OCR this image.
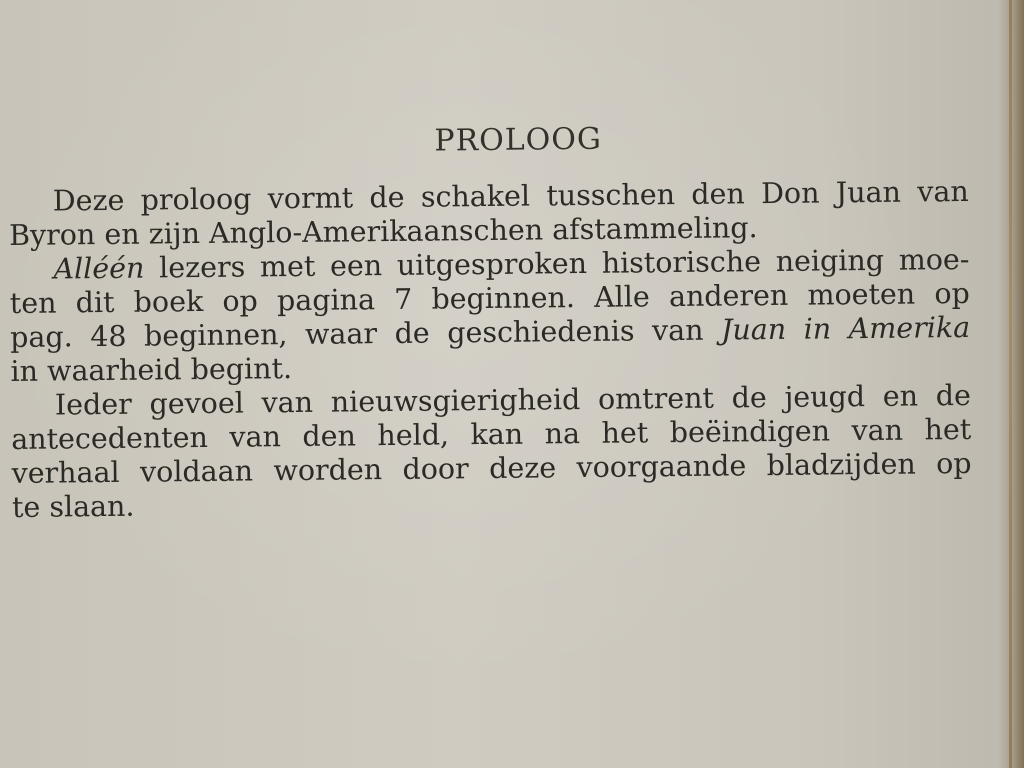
PROLOOG

Deze proloog vormt de schakel tusschen den Don Juan van
Byron en zijn Anglo-Amerikaanschen afstammeling.

Alléén lezers met een uitgesproken historische neiging moe-
ten dit boek op pagina 7 beginnen. Alle anderen moeten op
pag. 48 beginnen, waar de geschiedenis van Juan in Amerika
in waarheid begint.

Ieder gevoel van nieuwsgierigheid omtrent de jeugd en de
antecedenten van den held, kan na het beëindigen van het
verhaal voldaan worden door deze voorgaande bladzijden op
te slaan.
